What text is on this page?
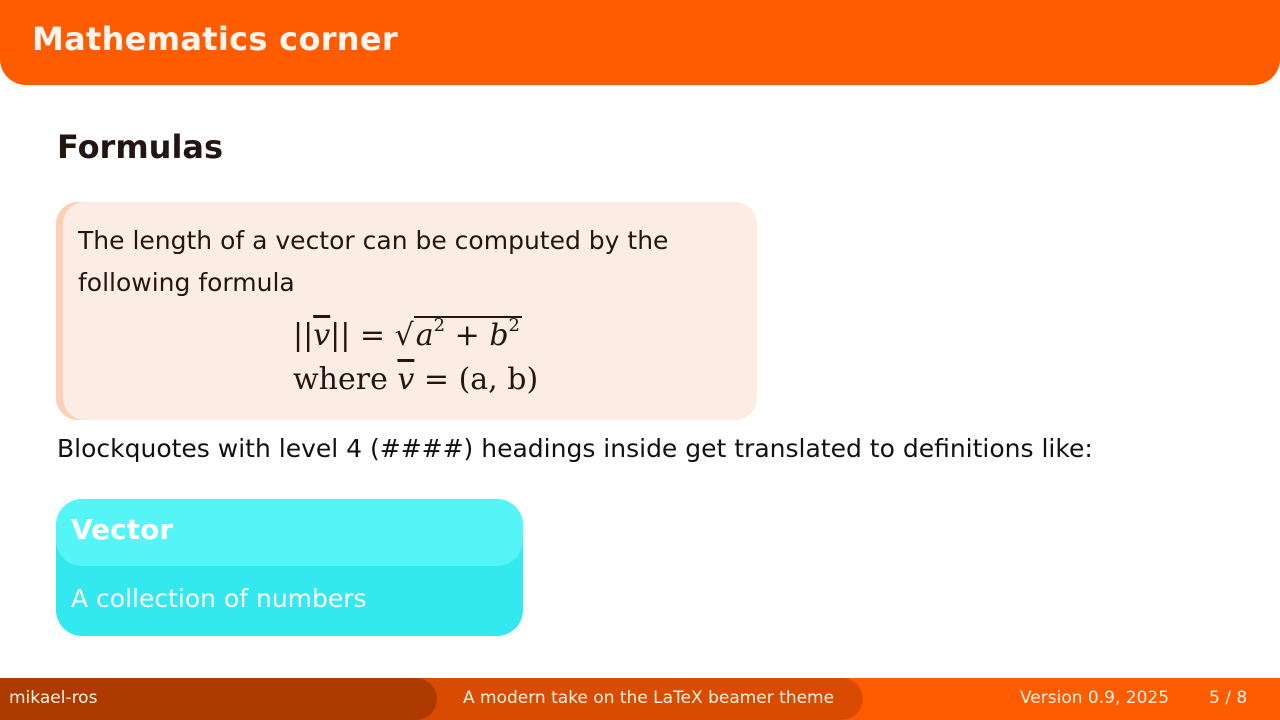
Mathematics corner
Formulas
The length of a vector can be computed by the
following formula
$||\overline{v}|| = √a^2 + b^2$
where $\overline{v} = (a$, b)
Blockquotes with level 4 (####) headings inside get translated to definitions like:
Vector
A collection of numbers
mikael-ros	A modern take on the LaTeX beamer theme	Version 0.9, 2025 5 / 8
